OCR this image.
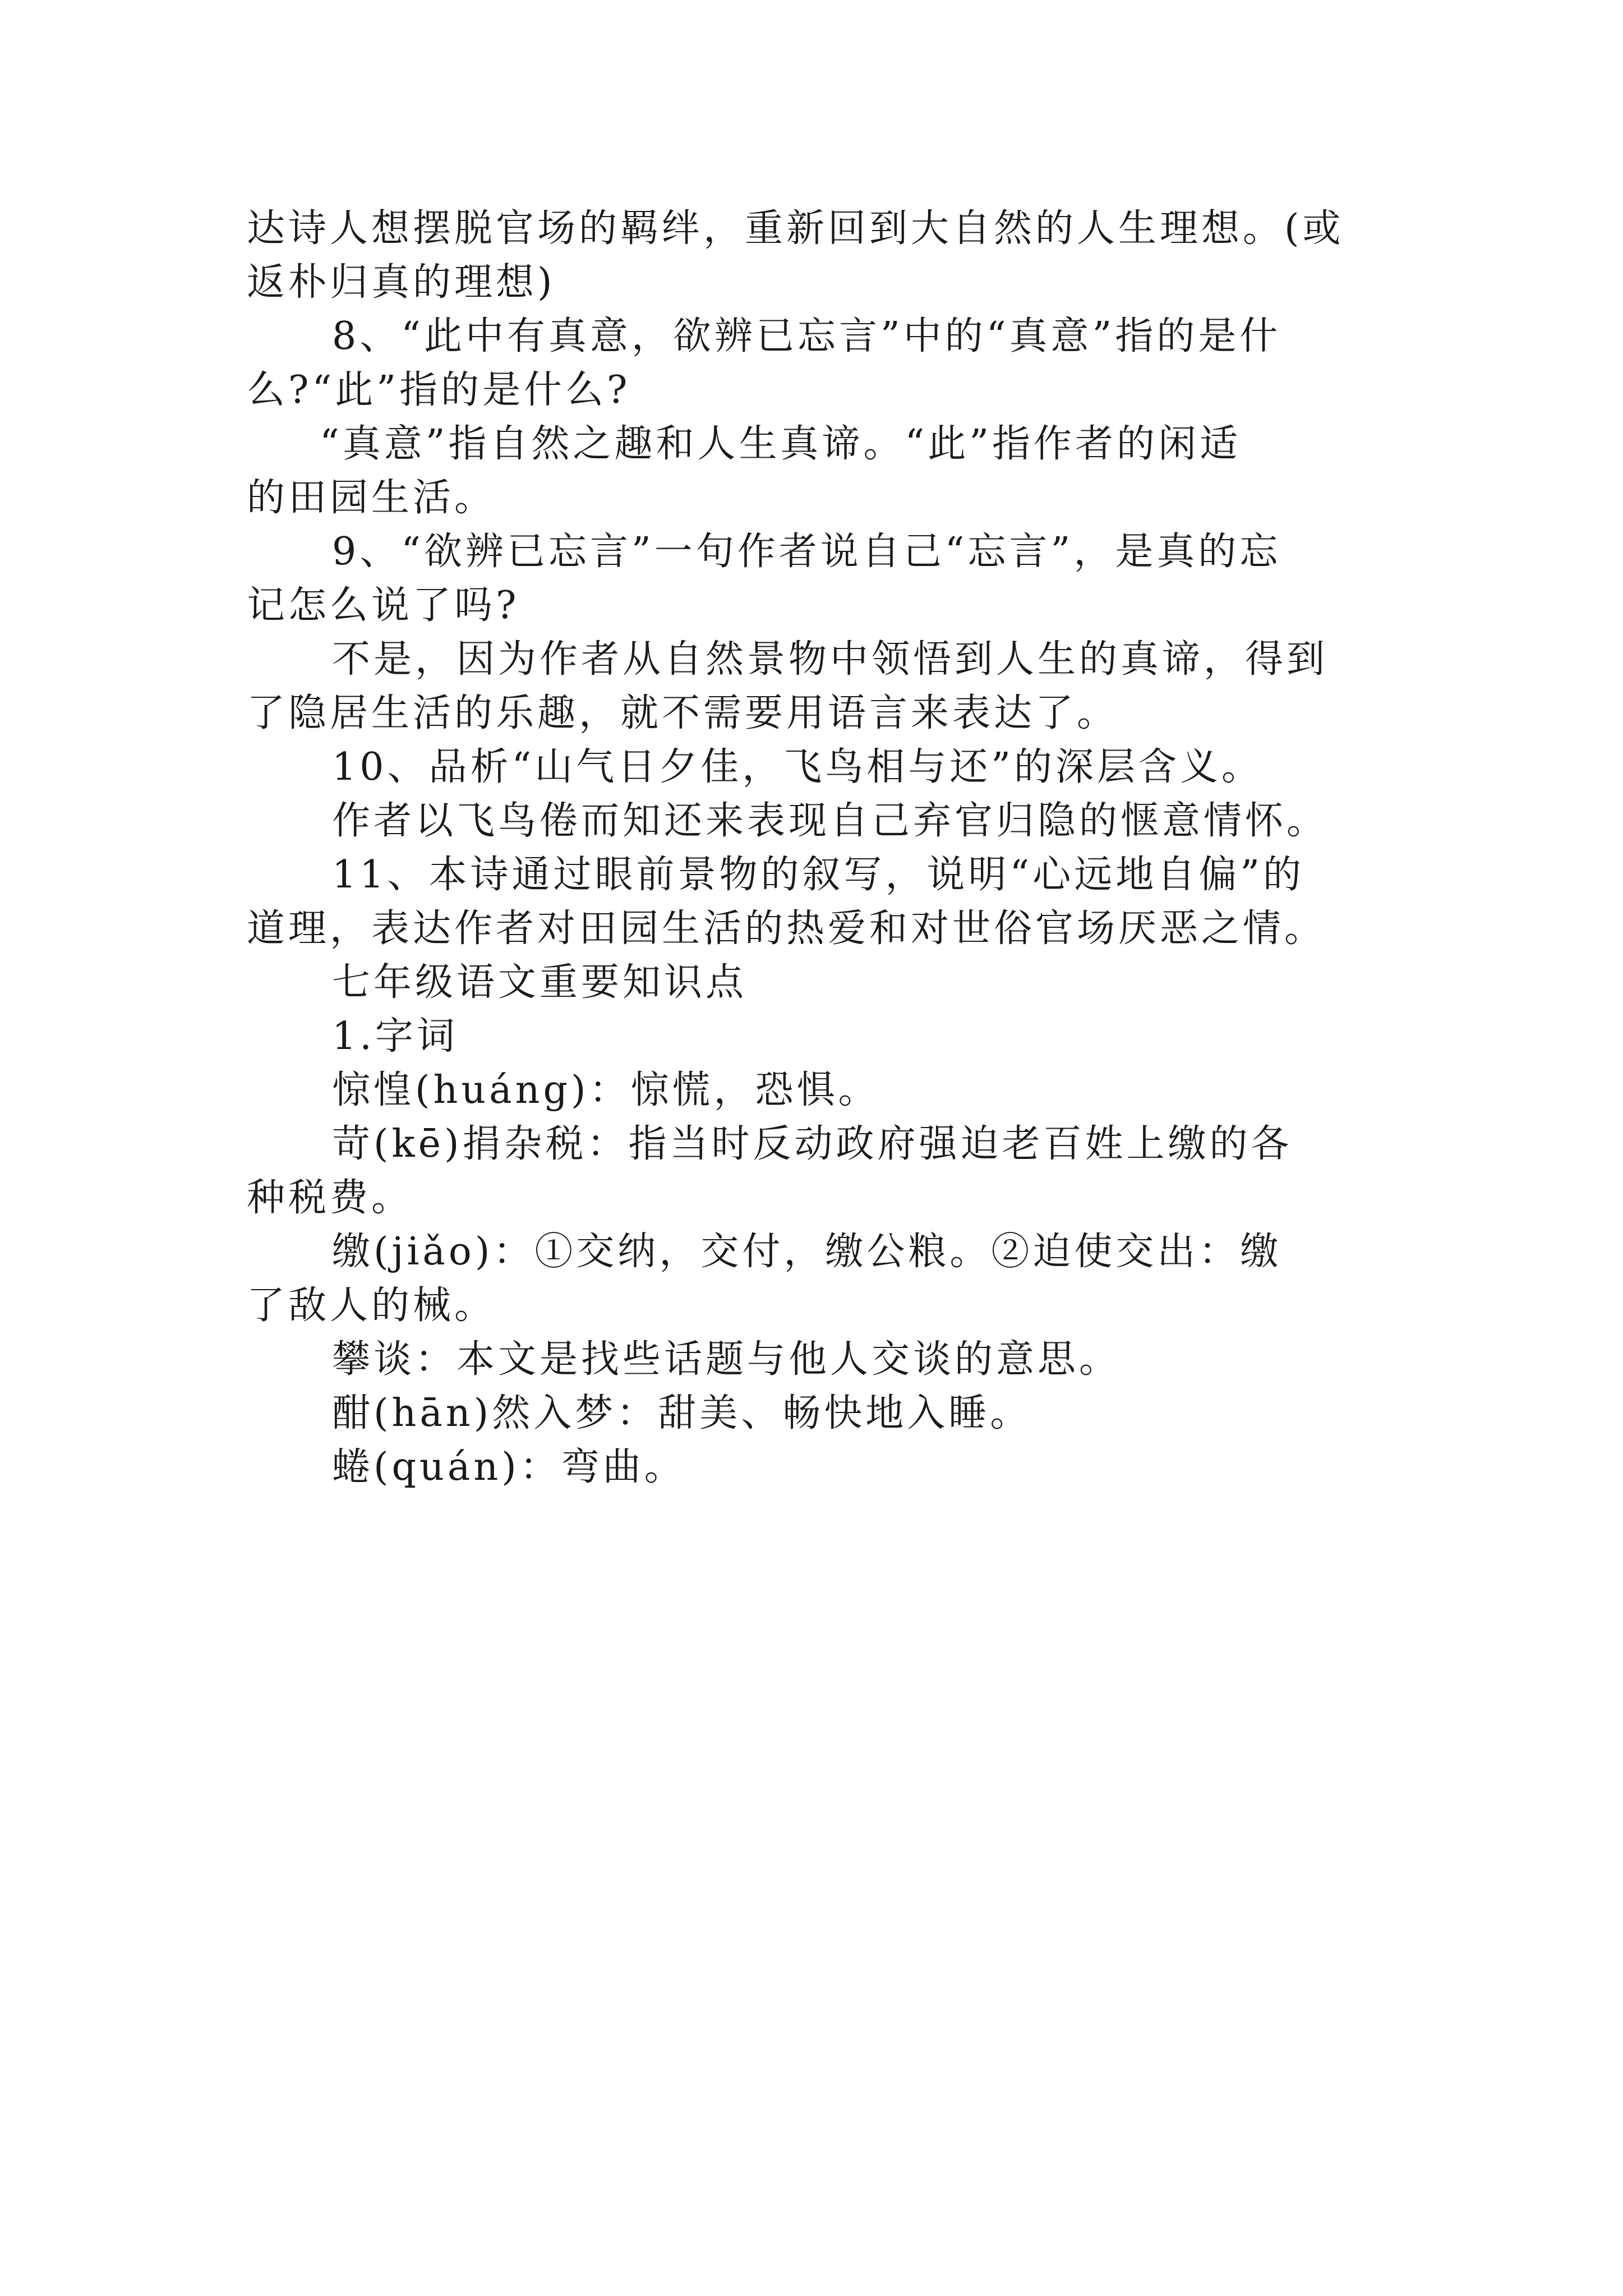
达诗人想摆脱官场的羁绊，重新回到大自然的人生理想。(或
返朴归真的理想)

8、“此中有真意，欲辨已忘言”中的“真意”指的是什
么?“此”指的是什么?

“真意”指自然之趣和人生真谛。“此”指作者的闲适
的田园生活。

9、“欲辨已忘言”一句作者说自己“忘言”，是真的忘
记怎么说了吗?

不是，因为作者从自然景物中领悟到人生的真谛，得到
了隐居生活的乐趣，就不需要用语言来表达了。

10、品析“山气日夕佳，飞鸟相与还”的深层含义。

作者以飞鸟倦而知还来表现自己弃官归隐的惬意情怀。

11、本诗通过眼前景物的叙写，说明“心远地自偏”的
道理，表达作者对田园生活的热爱和对世俗官场厌恶之情。

七年级语文重要知识点

1.字词

惊惶(huáng)：惊慌，恐惧。

苛(kē)捐杂税：指当时反动政府强迫老百姓上缴的各
种税费。

缴(jiǎo)：①交纳，交付，缴公粮。②迫使交出：缴
了敌人的械。

攀谈：本文是找些话题与他人交谈的意思。

酣(hān)然入梦：甜美、畅快地入睡。

蜷(quán)：弯曲。
